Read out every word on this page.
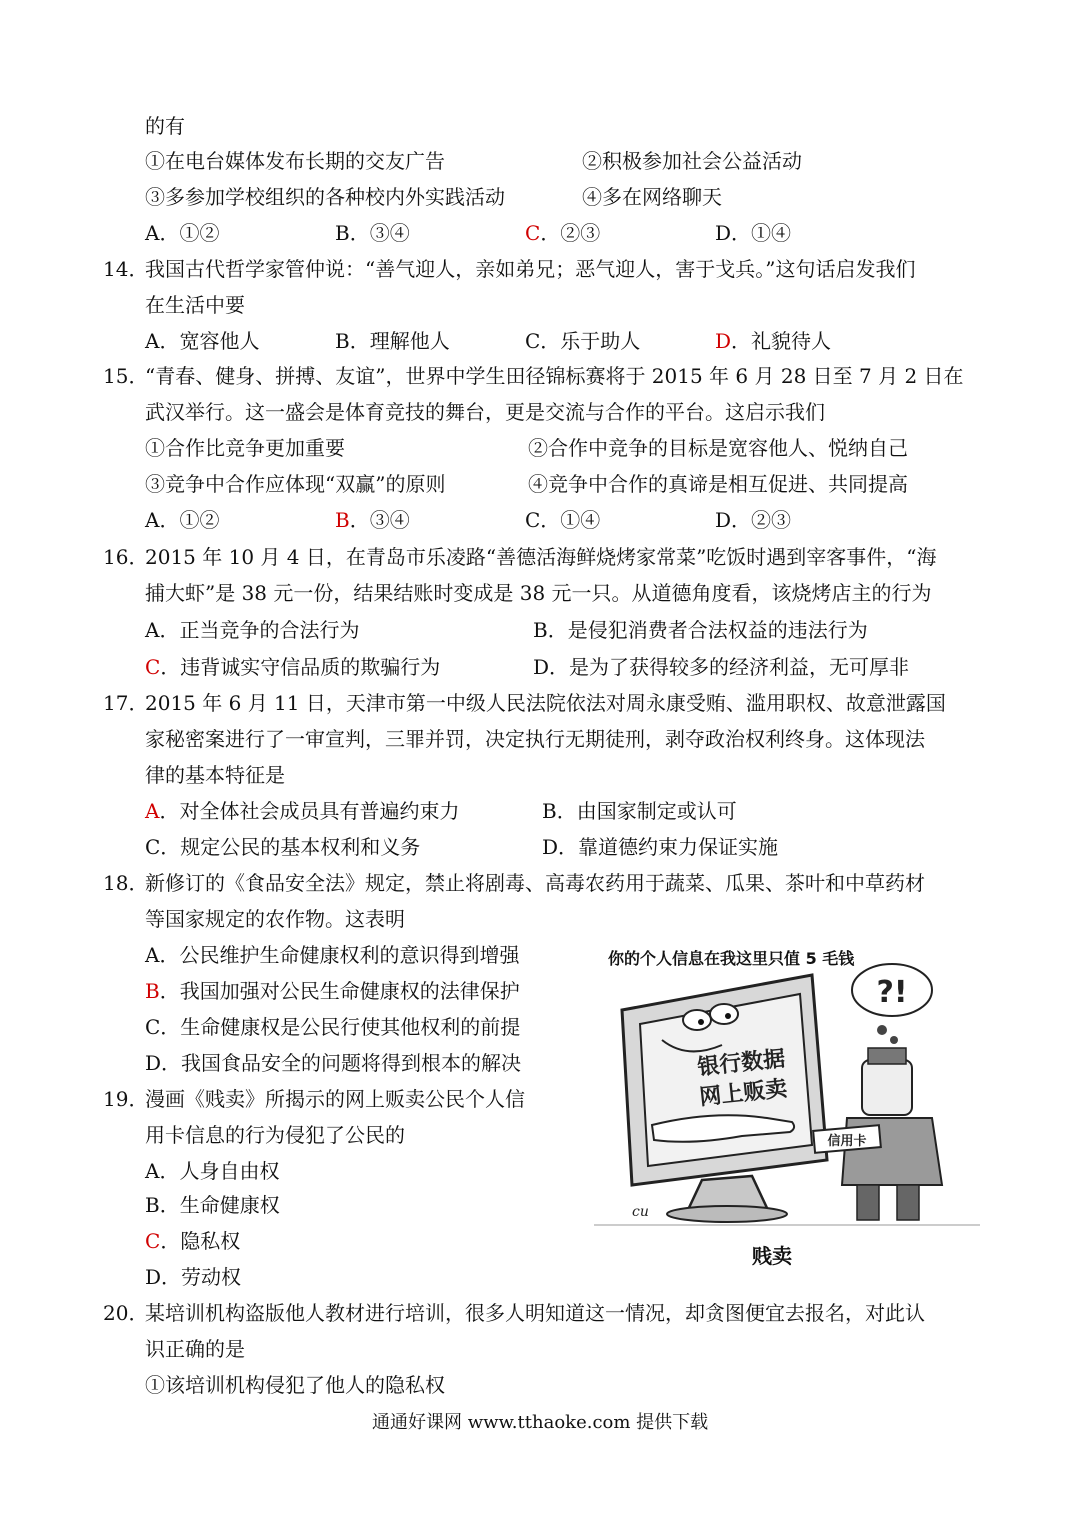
的有
①在电台媒体发布长期的交友广告	②积极参加社会公益活动
③多参加学校组织的各种校内外实践活动	④多在网络聊天
A．①②	B．③④	C．②③	D．①④
14．
我国古代哲学家管仲说：“善气迎人，亲如弟兄；恶气迎人，害于戈兵。”这句话启发我们
在生活中要
A．宽容他人	B．理解他人	C．乐于助人	D．礼貌待人
15．
“青春、健身、拼搏、友谊”，世界中学生田径锦标赛将于 2015 年 6 月 28 日至 7 月 2 日在
武汉举行。这一盛会是体育竞技的舞台，更是交流与合作的平台。这启示我们
①合作比竞争更加重要	②合作中竞争的目标是宽容他人、悦纳自己
③竞争中合作应体现“双赢”的原则	④竞争中合作的真谛是相互促进、共同提高
A．①②	B．③④	C．①④	D．②③
16．
2015 年 10 月 4 日，在青岛市乐凌路“善德活海鲜烧烤家常菜”吃饭时遇到宰客事件，“海
捕大虾”是 38 元一份，结果结账时变成是 38 元一只。从道德角度看，该烧烤店主的行为
A．正当竞争的合法行为	B．是侵犯消费者合法权益的违法行为
C．违背诚实守信品质的欺骗行为	D．是为了获得较多的经济利益，无可厚非
17．
2015 年 6 月 11 日，天津市第一中级人民法院依法对周永康受贿、滥用职权、故意泄露国
家秘密案进行了一审宣判，三罪并罚，决定执行无期徒刑，剥夺政治权利终身。这体现法
律的基本特征是
A．对全体社会成员具有普遍约束力	B．由国家制定或认可
C．规定公民的基本权利和义务	D．靠道德约束力保证实施
18．
新修订的《食品安全法》规定，禁止将剧毒、高毒农药用于蔬菜、瓜果、茶叶和中草药材
等国家规定的农作物。这表明
A．公民维护生命健康权利的意识得到增强
B．我国加强对公民生命健康权的法律保护
C．生命健康权是公民行使其他权利的前提
D．我国食品安全的问题将得到根本的解决
19．
漫画《贱卖》所揭示的网上贩卖公民个人信
用卡信息的行为侵犯了公民的
A．人身自由权
B．生命健康权
C．隐私权
D．劳动权
你的个人信息在我这里只值 5 毛钱
银行数据
网上贩卖
信用卡
?!
cu
贱卖
20．
某培训机构盗版他人教材进行培训，很多人明知道这一情况，却贪图便宜去报名，对此认
识正确的是
①该培训机构侵犯了他人的隐私权
通通好课网 www.tthaoke.com 提供下载
